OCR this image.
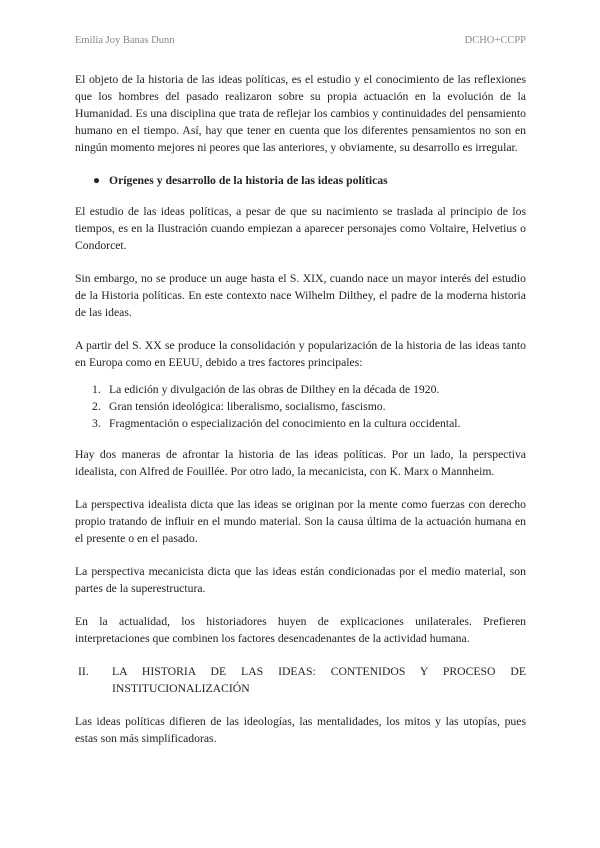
Emilia Joy Banas Dunn	DCHO+CCPP

El objeto de la historia de las ideas políticas, es el estudio y el conocimiento de las reflexiones que los hombres del pasado realizaron sobre su propia actuación en la evolución de la Humanidad. Es una disciplina que trata de reflejar los cambios y continuidades del pensamiento humano en el tiempo. Así, hay que tener en cuenta que los diferentes pensamientos no son en ningún momento mejores ni peores que las anteriores, y obviamente, su desarrollo es irregular.

● Orígenes y desarrollo de la historia de las ideas políticas

El estudio de las ideas políticas, a pesar de que su nacimiento se traslada al principio de los tiempos, es en la Ilustración cuando empiezan a aparecer personajes como Voltaire, Helvetius o Condorcet.

Sin embargo, no se produce un auge hasta el S. XIX, cuando nace un mayor interés del estudio de la Historia políticas. En este contexto nace Wilhelm Dilthey, el padre de la moderna historia de las ideas.

A partir del S. XX se produce la consolidación y popularización de la historia de las ideas tanto en Europa como en EEUU, debido a tres factores principales:

1. La edición y divulgación de las obras de Dilthey en la década de 1920.
2. Gran tensión ideológica: liberalismo, socialismo, fascismo.
3. Fragmentación o especialización del conocimiento en la cultura occidental.

Hay dos maneras de afrontar la historia de las ideas políticas. Por un lado, la perspectiva idealista, con Alfred de Fouillée. Por otro lado, la mecanicista, con K. Marx o Mannheim.

La perspectiva idealista dicta que las ideas se originan por la mente como fuerzas con derecho propio tratando de influir en el mundo material. Son la causa última de la actuación humana en el presente o en el pasado.

La perspectiva mecanicista dicta que las ideas están condicionadas por el medio material, son partes de la superestructura.

En la actualidad, los historiadores huyen de explicaciones unilaterales. Prefieren interpretaciones que combinen los factores desencadenantes de la actividad humana.

II.	LA HISTORIA DE LAS IDEAS: CONTENIDOS Y PROCESO DE
INSTITUCIONALIZACIÓN

Las ideas políticas difieren de las ideologías, las mentalidades, los mitos y las utopías, pues estas son más simplificadoras.
